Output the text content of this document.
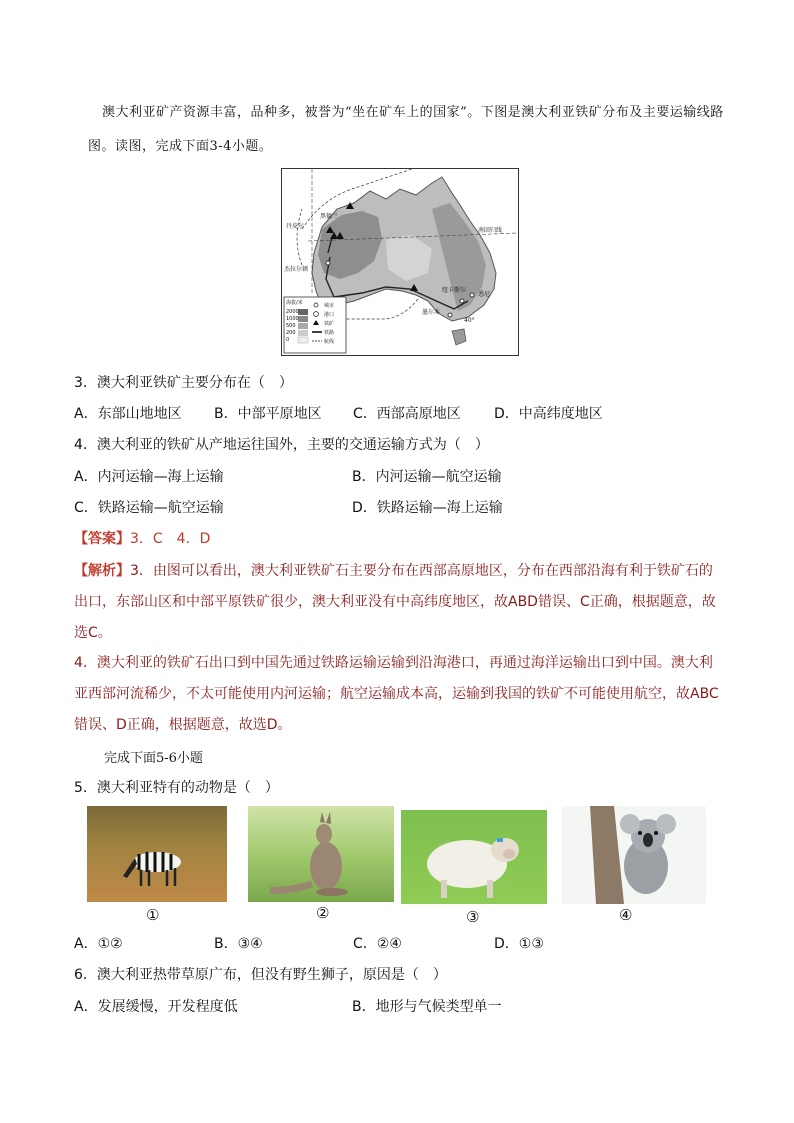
澳大利亚矿产资源丰富，品种多，被誉为“坐在矿车上的国家”。下图是澳大利亚铁矿分布及主要运输线路图。读图，完成下面3-4小题。
黑德兰
丹皮尔
杰拉尔顿
南回归线
纽卡斯尔
悉尼
墨尔本
40°
海拔/米
2000
1000
500
200
0
城市
港口
铁矿
铁路
航线
3．澳大利亚铁矿主要分布在（　）
A．东部山地地区 B．中部平原地区 C．西部高原地区 D．中高纬度地区
4．澳大利亚的铁矿从产地运往国外，主要的交通运输方式为（　）
A．内河运输—海上运输	B．内河运输—航空运输
C．铁路运输—航空运输	D．铁路运输—海上运输
【答案】3．C　4．D
【解析】3．由图可以看出，澳大利亚铁矿石主要分布在西部高原地区，分布在西部沿海有利于铁矿石的出口，东部山区和中部平原铁矿很少，澳大利亚没有中高纬度地区，故ABD错误、C正确，根据题意，故选C。
4．澳大利亚的铁矿石出口到中国先通过铁路运输运输到沿海港口，再通过海洋运输出口到中国。澳大利亚西部河流稀少，不太可能使用内河运输；航空运输成本高，运输到我国的铁矿不可能使用航空，故ABC错误、D正确，根据题意，故选D。
完成下面5-6小题
5．澳大利亚特有的动物是（　）
①	②	③	④
A．①②	B．③④	C．②④	D．①③
6．澳大利亚热带草原广布，但没有野生狮子，原因是（　）
A．发展缓慢，开发程度低	B．地形与气候类型单一
